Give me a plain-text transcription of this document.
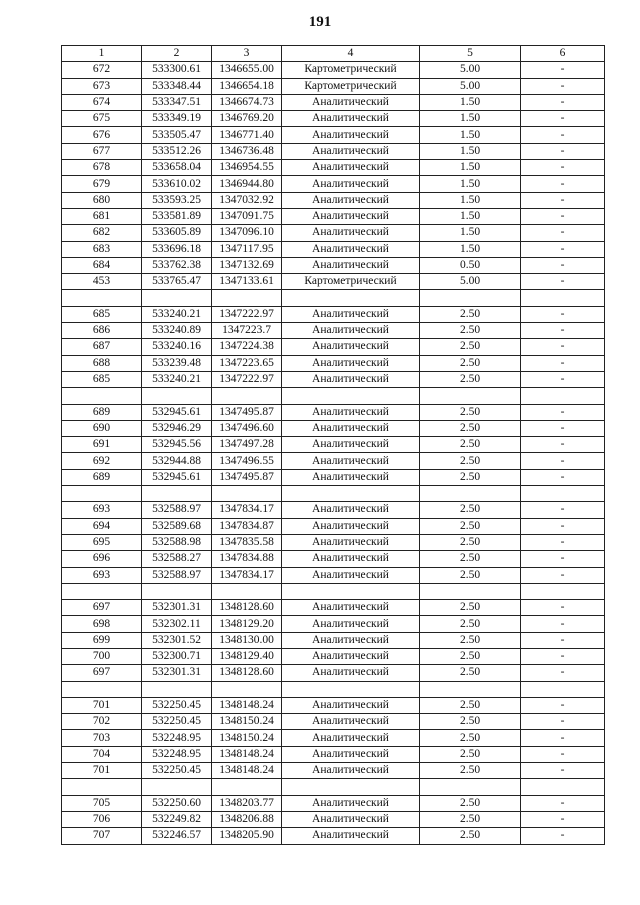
191
1	2	3	4	5	6
672	533300.61	1346655.00	Картометрический	5.00	-
673	533348.44	1346654.18	Картометрический	5.00	-
674	533347.51	1346674.73	Аналитический	1.50	-
675	533349.19	1346769.20	Аналитический	1.50	-
676	533505.47	1346771.40	Аналитический	1.50	-
677	533512.26	1346736.48	Аналитический	1.50	-
678	533658.04	1346954.55	Аналитический	1.50	-
679	533610.02	1346944.80	Аналитический	1.50	-
680	533593.25	1347032.92	Аналитический	1.50	-
681	533581.89	1347091.75	Аналитический	1.50	-
682	533605.89	1347096.10	Аналитический	1.50	-
683	533696.18	1347117.95	Аналитический	1.50	-
684	533762.38	1347132.69	Аналитический	0.50	-
453	533765.47	1347133.61	Картометрический	5.00	-

685	533240.21	1347222.97	Аналитический	2.50	-
686	533240.89	1347223.7	Аналитический	2.50	-
687	533240.16	1347224.38	Аналитический	2.50	-
688	533239.48	1347223.65	Аналитический	2.50	-
685	533240.21	1347222.97	Аналитический	2.50	-

689	532945.61	1347495.87	Аналитический	2.50	-
690	532946.29	1347496.60	Аналитический	2.50	-
691	532945.56	1347497.28	Аналитический	2.50	-
692	532944.88	1347496.55	Аналитический	2.50	-
689	532945.61	1347495.87	Аналитический	2.50	-

693	532588.97	1347834.17	Аналитический	2.50	-
694	532589.68	1347834.87	Аналитический	2.50	-
695	532588.98	1347835.58	Аналитический	2.50	-
696	532588.27	1347834.88	Аналитический	2.50	-
693	532588.97	1347834.17	Аналитический	2.50	-

697	532301.31	1348128.60	Аналитический	2.50	-
698	532302.11	1348129.20	Аналитический	2.50	-
699	532301.52	1348130.00	Аналитический	2.50	-
700	532300.71	1348129.40	Аналитический	2.50	-
697	532301.31	1348128.60	Аналитический	2.50	-

701	532250.45	1348148.24	Аналитический	2.50	-
702	532250.45	1348150.24	Аналитический	2.50	-
703	532248.95	1348150.24	Аналитический	2.50	-
704	532248.95	1348148.24	Аналитический	2.50	-
701	532250.45	1348148.24	Аналитический	2.50	-

705	532250.60	1348203.77	Аналитический	2.50	-
706	532249.82	1348206.88	Аналитический	2.50	-
707	532246.57	1348205.90	Аналитический	2.50	-
